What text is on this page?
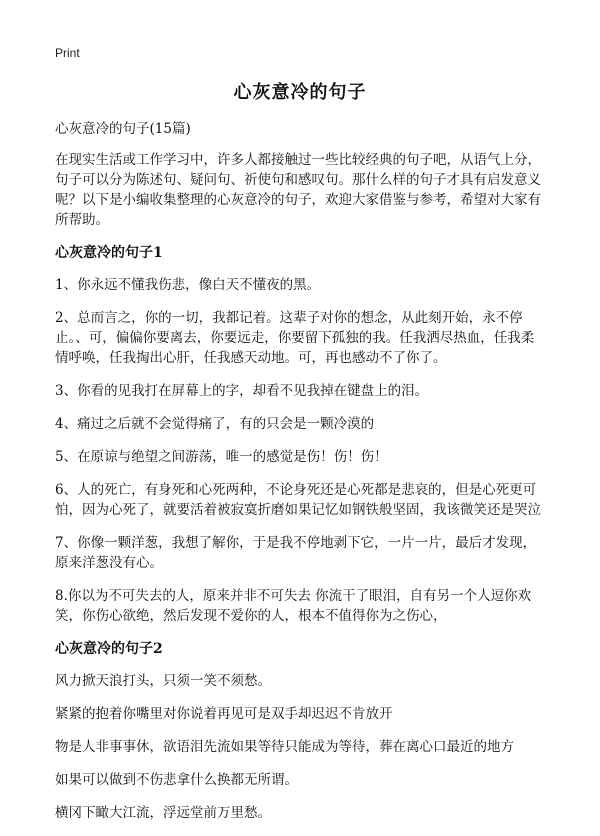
Print
心灰意冷的句子

心灰意冷的句子(15篇)

在现实生活或工作学习中，许多人都接触过一些比较经典的句子吧，从语气上分，句子可以分为陈述句、疑问句、祈使句和感叹句。那什么样的句子才具有启发意义呢？以下是小编收集整理的心灰意冷的句子，欢迎大家借鉴与参考，希望对大家有所帮助。

心灰意冷的句子1

1、你永远不懂我伤悲，像白天不懂夜的黑。

2、总而言之，你的一切，我都记着。这辈子对你的想念，从此刻开始，永不停止。、可，偏偏你要离去，你要远走，你要留下孤独的我。任我洒尽热血，任我柔情呼唤，任我掏出心肝，任我感天动地。可，再也感动不了你了。

3、你看的见我打在屏幕上的字，却看不见我掉在键盘上的泪。

4、痛过之后就不会觉得痛了，有的只会是一颗冷漠的

5、在原谅与绝望之间游荡，唯一的感觉是伤！伤！伤！

6、人的死亡，有身死和心死两种，不论身死还是心死都是悲哀的，但是心死更可怕，因为心死了，就要活着被寂寞折磨如果记忆如钢铁般坚固，我该微笑还是哭泣

7、你像一颗洋葱，我想了解你，于是我不停地剥下它，一片一片，最后才发现，原来洋葱没有心。

8.你以为不可失去的人，原来并非不可失去 你流干了眼泪，自有另一个人逗你欢笑，你伤心欲绝，然后发现不爱你的人，根本不值得你为之伤心，

心灰意冷的句子2

风力掀天浪打头，只须一笑不须愁。

紧紧的抱着你嘴里对你说着再见可是双手却迟迟不肯放开

物是人非事事休，欲语泪先流如果等待只能成为等待，葬在离心口最近的地方

如果可以做到不伤悲拿什么换都无所谓。

横冈下瞰大江流，浮远堂前万里愁。
